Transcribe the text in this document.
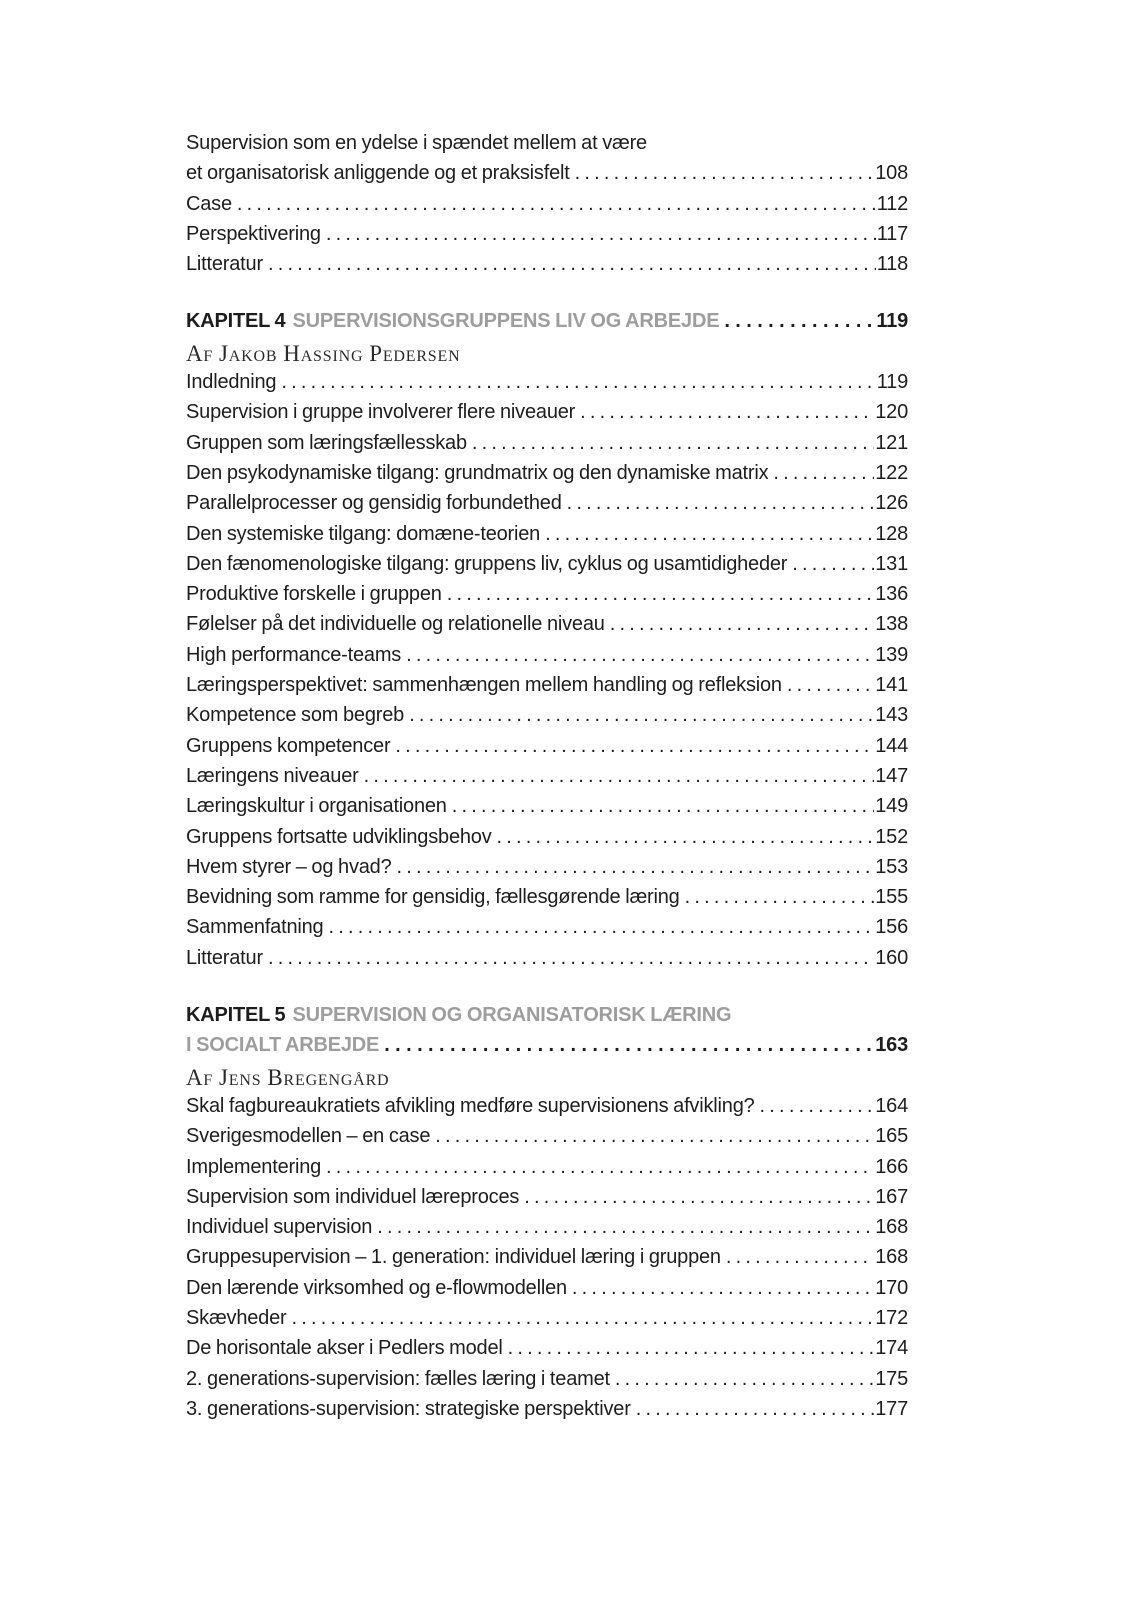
Supervision som en ydelse i spændet mellem at være
et organisatorisk anliggende og et praksisfelt .....	108
Case .....	112
Perspektivering .....	117
Litteratur .....	118
KAPITEL 4 SUPERVISIONSGRUPPENS LIV OG ARBEJDE .....	119
Af Jakob Hassing Pedersen
Indledning .....	119
Supervision i gruppe involverer flere niveauer .....	120
Gruppen som læringsfællesskab .....	121
Den psykodynamiske tilgang: grundmatrix og den dynamiske matrix .....	122
Parallelprocesser og gensidig forbundethed .....	126
Den systemiske tilgang: domæne-teorien .....	128
Den fænomenologiske tilgang: gruppens liv, cyklus og usamtidigheder .....	131
Produktive forskelle i gruppen .....	136
Følelser på det individuelle og relationelle niveau .....	138
High performance-teams .....	139
Læringsperspektivet: sammenhængen mellem handling og refleksion .....	141
Kompetence som begreb .....	143
Gruppens kompetencer .....	144
Læringens niveauer .....	147
Læringskultur i organisationen .....	149
Gruppens fortsatte udviklingsbehov .....	152
Hvem styrer – og hvad? .....	153
Bevidning som ramme for gensidig, fællesgørende læring .....	155
Sammenfatning .....	156
Litteratur .....	160
KAPITEL 5 SUPERVISION OG ORGANISATORISK LÆRING
I SOCIALT ARBEJDE .....	163
Af Jens Bregengård
Skal fagbureaukratiets afvikling medføre supervisionens afvikling? .....	164
Sverigesmodellen – en case .....	165
Implementering .....	166
Supervision som individuel læreproces .....	167
Individuel supervision .....	168
Gruppesupervision – 1. generation: individuel læring i gruppen .....	168
Den lærende virksomhed og e-flowmodellen .....	170
Skævheder .....	172
De horisontale akser i Pedlers model .....	174
2. generations-supervision: fælles læring i teamet .....	175
3. generations-supervision: strategiske perspektiver .....	177
